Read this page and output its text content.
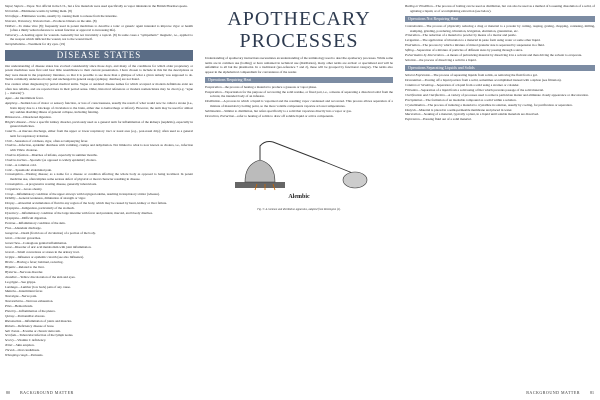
Vapor, Vapors—Vapor. Not official in the U.S., but a few materials were used specifically as vapor inhalants in the British Pharmacopoeia.

Vermicide—Eliminates worms by killing them. (8)

Vermifuge—Eliminates worms, usually by causing them to release from the intestine.

Vesicant, Vesicatory, Vesicatorium—Produces blisters on the skin. (8)

Vitiliser—To make vitre (8); frequently used in potent medicines to describe a tonic or generic agent intended to improve vigor or health (often a thinly veiled reference to sexual function or approval to increasing life).

Vulnerary—A healing agent for wounds. Generally but not invariably a topical. (8) In some cases a "sympathetic" magnetic, i.e., applied to the weapon which inflicted the wound, not to the wound itself.

Xerophthalmia—Treatment for dry eyes. (19)

DISEASE STATES

Our understanding of disease states has evolved considerably since those days, and many of the conditions for which older proprietary or potent medicines were first sold bear little resemblance to their current presentation. I have chosen to include in this list the descriptions as they were meant in the proprietary literature, so that it is possible to see more than a glimpse of what a given remedy was supposed to do. Terms commonly understood today and unchanged in general usage (epilepsy, diarrhea) are not listed.

Use caution when diagnosing by period medical terms. Vague or outdated disease names for which accepted or modern definitions exist are often less reliable, and are reported here in their period sense. Older, historical references or modern nomenclature may be cited (e.g. "ague (→ malaria)").

Ague—An intermittent fever.

Apoplexy—Sudden loss of motor or sensory function, or loss of consciousness, usually the result of what would now be called a stroke (i.e., brain injury due to a blockage of circulation to the brain, either due to hemorrhage or infarct). However, the term may be used for almost any sudden disabling illness of general collapse, including fainting.

Biliousness—Disordered digestion.

Bright's disease—Now a specific kidney disorder, previously used as a general term for inflammation of the kidneys (nephritis), especially in general medicines.

Catarrh—A mucous discharge, either from the upper or lower respiratory tract or nasal area (e.g., post-nasal drip); often used as a general term for respiratory irritation.

Chill—Sensation of coldness, rigor, often accompanying fever.

Cholera—Infection, epidemic diarrheas with vomiting, cramps and dehydration. Not limited to what is now known as cholera, i.e., infection with Vibrio cholerae.

Cholera infantum—Diarrhea of infants, especially in summer months.

Cholera morbus—Sporadic (as opposed to widely epidemic) cholera.

Cold—A common cold.

Colic—Spasmodic abdominal pain.

Consumption—Wasting disease; as a name for a disease or condition affecting the whole body as opposed to being localized. In potent medicine use, often implies some serious defect of physical or moral character resulting in disease.

Consumption—A progressive wasting disease, generally tuberculosis.

Corpulence—Gross obesity.

Croup—Inflammatory condition of the upper airways with laryngeal edema, resulting in inspiratory stridor (wheeze).

Debility—General weakness, diminution of strength or vigor.

Dropsy—Abnormal accumulation of fluid in any region of the body, which may be caused by heart, kidney or liver failure.

Dyspepsia—Indigestion, particularly of the stomach.

Dysentery—Inflammatory condition of the large intestine with fever and purulent, mucoid, and bloody diarrhea.

Dyspepsia—Difficult digestion.

Eczema—Inflammatory condition of the skin.

Flux—Abundant discharge.

Gangrene—Death (from loss of circulation) of a portion of the body.

Gleet—Chronic gonorrhea.

Gonorrhea—Contagious genital inflammation.

Gout—Disorder of uric acid metabolism with joint inflammation.

Gravel—Small concretions or stones in the urinary tract.

Grippe—Influenza or epidemic catarrh (see also Influenza).

Hectic—Having a fever; habitual, recurring.

Hepatic—Related to the liver.

Hysteria—Nervous disorder.

Jaundice—Yellow discoloration of the skin and eyes.

La grippe—See grippe.

Lumbago—Lumbar (low back) pain of any cause.

Malaria—Intermittent fever.

Neuralgia—Nerve pain.

Neurasthenia—Nervous exhaustion.

Piles—Hemorrhoids.

Pleurisy—Inflammation of the pleura.

Quinsy—Peritonsillar abscess.

Rheumatism—Inflammation of joints and muscles.

Rickets—Deficiency disease of bone.

Salt rheum—Eczema or chronic skin rash.

Scrofula—Tubercular infection of the lymph nodes.

Scurvy—Vitamin C deficiency.

Tetter—Skin eruption.

Thrush—Oral candidiasis.

Whooping cough—Pertussis.

APOTHECARY
PROCESSES

Understanding of apothecary instructions necessitates an understanding of the terminology used to describe apothecary processes. While some terms are in common use (boiling) or have remained in technical use (distillation), many other terms are archaic or specialized and will be unfamiliar to all but the pharmacist. In a traditional (pre-reference 7 and 2), these will be grouped by functional category. The terms also appear in the alphabetical compendium for convenience of the reader.

Operations Requiring Heat

Evaporation—the process of heating a material to produce a gaseous or vapor phase.

Evaporation—Vaporization for the purpose of recovering the solid residue, or fixed part, i.e., a means of separating a dissolved solid from the solvent, the intended body of an infusion.

Distillation—A process in which a liquid is vaporized and the resulting vapor condensed and recovered. This process allows separation of a mixture of materials by boiling point, so the more volatile components vaporize at lower temperatures.

Sublimation—Similar to distillation, but refers specifically to a solid that vaporizes directly into a vapor or gas.

Decoction, Extraction—refer to heating of solids to draw off soluble liquid or active components.

Alembic
Fig. 5: A common and distillation apparatus, adapted from Remington (2).

Boiling or Ebullition—The process of boiling can be used as distillation, but can also be used as a method of loosening dissolution of a solid, of agitating a liquid, or of accomplishing extraction (see below).

Operations Not Requiring Heat

Comminution—The process of physically reducing a drug or material to a powder by cutting, rasping, grating, chopping, contusing, milling, stamping, grinding, powdering, trituration, levigation, elutriation, granulation, etc.

Trituration—The reduction of a material to powder by means of a mortar and pestle.

Levigation—The application of trituration to a material in paste form using water or some other liquid.

Elutriation—The process by which a mixture of mixed granular size is separated by suspension in a fluid.

Sifting—Separation of a mixture of particles of different sizes by passing through a sieve.

Pulverization by Intervention—A means of pulverizing material by dissolving it in a solvent and then driving the solvent to evaporate.

Solution—the process of dissolving a solid in a liquid.

Operations Separating Liquids and Solids

Solvent Expression—The process of separating liquids from solids, as removing the fluid from a gel.

Decantation—Pouring off a liquid portion from a solid, sometimes accomplished instead with a siphon (see filtration).

Colation or Straining—Separation of a liquid from a solid using a strainer or colander.

Filtration—Separation of a liquid from a solid using a filter which prevents passage of the solid material.

Clarification and Clarifaction—A variety of processes used to remove particulate matter and eliminate cloudy appearance or discoloration.

Precipitation—The formation of an insoluble compound as a solid within a solution.

Crystallization—The process of inducing a material to crystallize in solution, usually by cooling, for purification or separation.

Dialysis—Material is placed in a semi-permeable membrane and placed in water.

Maceration—Soaking of a material, typically a plant, in a liquid until soluble materials are dissolved.

Expression—Pressing fluid out of a solid material.

80	BACKGROUND MATTER	BACKGROUND MATTER	81
